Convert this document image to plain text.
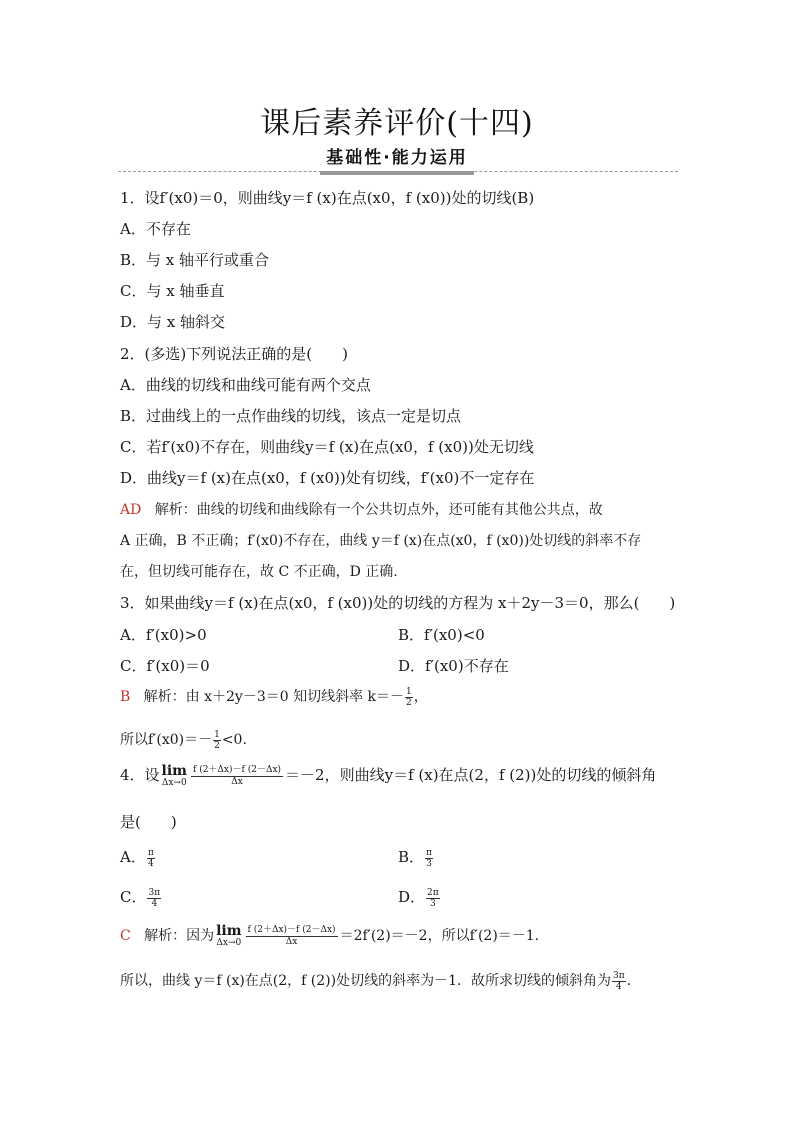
课后素养评价(十四)
基础性·能力运用
1．设f′(x0)＝0，则曲线y＝f (x)在点(x0，f (x0))处的切线(B)
A．不存在
B．与 x 轴平行或重合
C．与 x 轴垂直
D．与 x 轴斜交
2．(多选)下列说法正确的是(　　)
A．曲线的切线和曲线可能有两个交点
B．过曲线上的一点作曲线的切线，该点一定是切点
C．若f′(x0)不存在，则曲线y＝f (x)在点(x0，f (x0))处无切线
D．曲线y＝f (x)在点(x0，f (x0))处有切线，f′(x0)不一定存在
AD 解析：曲线的切线和曲线除有一个公共切点外，还可能有其他公共点，故
A 正确，B 不正确；f′(x0)不存在，曲线 y＝f (x)在点(x0，f (x0))处切线的斜率不存
在，但切线可能存在，故 C 不正确，D 正确.
3．如果曲线y＝f (x)在点(x0，f (x0))处的切线的方程为 x＋2y－3＝0，那么(　　)
A．f′(x0)>0	B．f′(x0)<0
C．f′(x0)＝0	D．f′(x0)不存在
B 解析：由 x＋2y－3＝0 知切线斜率 $k=- \frac{1}{2}$ ，
所以$f'(x0)=- \frac{1}{2} <0$.
4．设 lim
$\Delta x\to 0 \frac{f (2+\Delta x)-f (2-\Delta x)}{\Delta x} =-2$，则曲线y＝f (x)在点(2，f (2))处的切线的倾斜角
是(　　)
A． $\frac{\pi}{4}$	B． $\frac{\pi}{3}$
C． $\frac{3\pi}{4}$	D． $\frac{2\pi}{3}$
C 解析：因为 lim
$\Delta x\to 0 \frac{f (2+\Delta x)-f (2-\Delta x)}{\Delta x} =2f'(2)=-2$，所以f′(2)＝－1.
所以，曲线 y＝f (x)在点(2，f (2))处切线的斜率为－1．故所求切线的倾斜角为 $\frac{3\pi}{4}$ .
